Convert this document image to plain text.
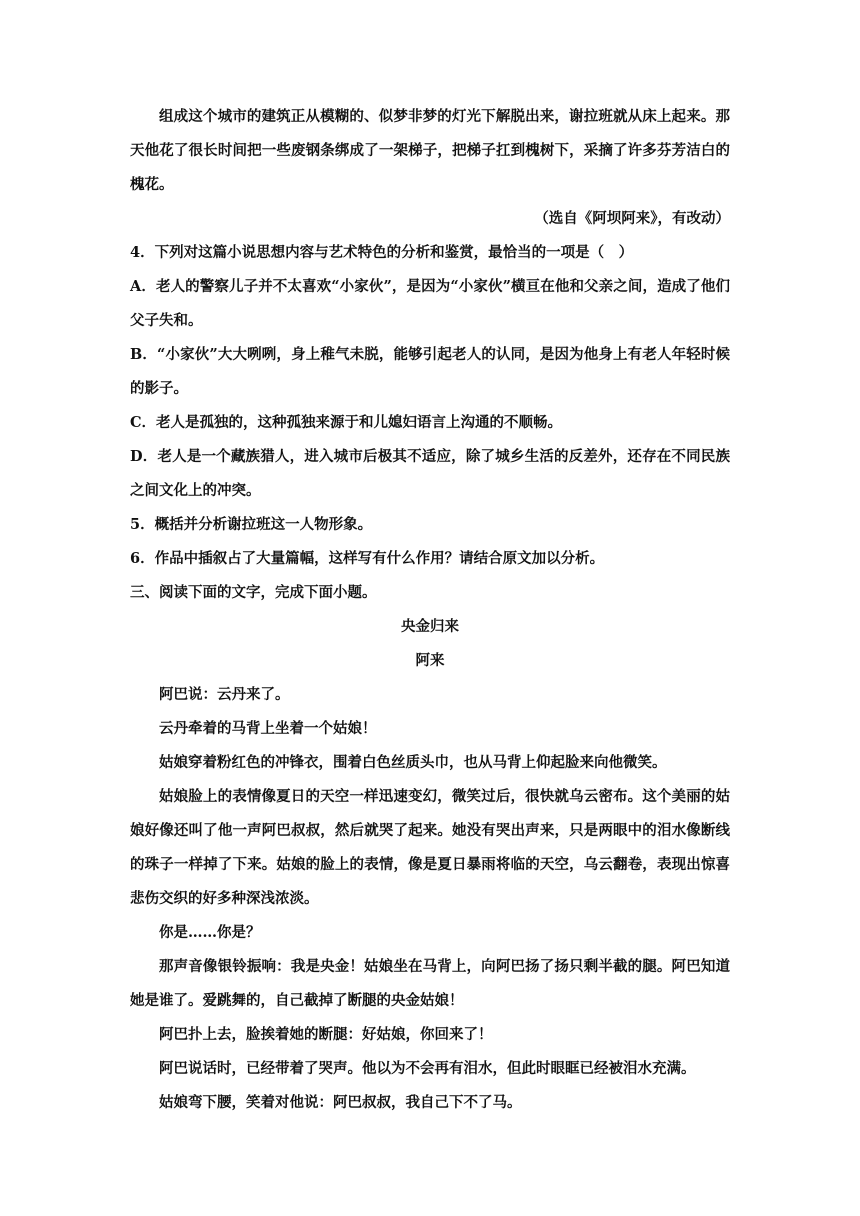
组成这个城市的建筑正从模糊的、似梦非梦的灯光下解脱出来，谢拉班就从床上起来。那天他花了很长时间把一些废钢条绑成了一架梯子，把梯子扛到槐树下，采摘了许多芬芳洁白的槐花。

（选自《阿坝阿来》，有改动）

4．下列对这篇小说思想内容与艺术特色的分析和鉴赏，最恰当的一项是（　）

A．老人的警察儿子并不太喜欢“小家伙”，是因为“小家伙”横亘在他和父亲之间，造成了他们父子失和。

B．“小家伙”大大咧咧，身上稚气未脱，能够引起老人的认同，是因为他身上有老人年轻时候的影子。

C．老人是孤独的，这种孤独来源于和儿媳妇语言上沟通的不顺畅。

D．老人是一个藏族猎人，进入城市后极其不适应，除了城乡生活的反差外，还存在不同民族之间文化上的冲突。

5．概括并分析谢拉班这一人物形象。

6．作品中插叙占了大量篇幅，这样写有什么作用？请结合原文加以分析。

三、阅读下面的文字，完成下面小题。

央金归来

阿来

阿巴说：云丹来了。

云丹牵着的马背上坐着一个姑娘！

姑娘穿着粉红色的冲锋衣，围着白色丝质头巾，也从马背上仰起脸来向他微笑。

姑娘脸上的表情像夏日的天空一样迅速变幻，微笑过后，很快就乌云密布。这个美丽的姑娘好像还叫了他一声阿巴叔叔，然后就哭了起来。她没有哭出声来，只是两眼中的泪水像断线的珠子一样掉了下来。姑娘的脸上的表情，像是夏日暴雨将临的天空，乌云翻卷，表现出惊喜悲伤交织的好多种深浅浓淡。

你是……你是？

那声音像银铃振响：我是央金！姑娘坐在马背上，向阿巴扬了扬只剩半截的腿。阿巴知道她是谁了。爱跳舞的，自己截掉了断腿的央金姑娘！

阿巴扑上去，脸挨着她的断腿：好姑娘，你回来了！

阿巴说话时，已经带着了哭声。他以为不会再有泪水，但此时眼眶已经被泪水充满。

姑娘弯下腰，笑着对他说：阿巴叔叔，我自己下不了马。
